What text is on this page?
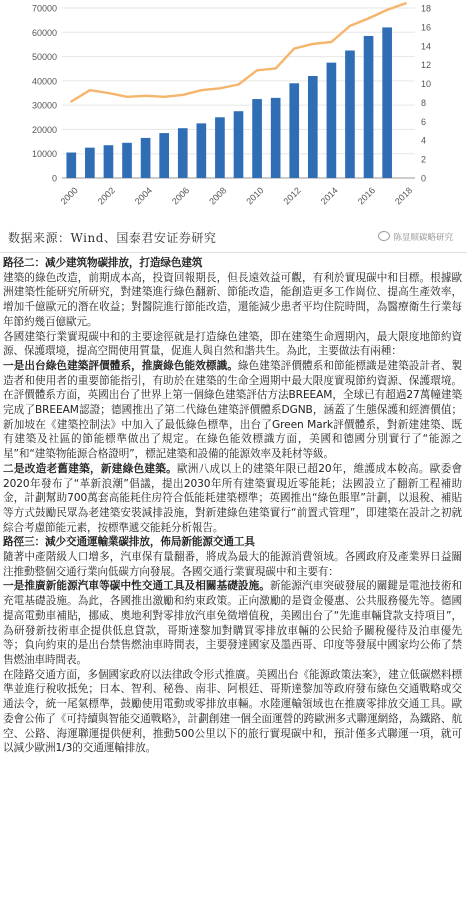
0
10000
20000
30000
40000
50000
60000
70000
0
2
4
6
8
10
12
14
16
18
2000 2002 2004 2006 2008 2010 2012 2014 2016 2018
数据来源：Wind、国泰君安证券研究	陈显顺碳略研究

路径二：减少建筑物碳排放，打造绿色建筑

建築的綠色改造，前期成本高，投資回報期長，但長遠效益可觀，有利於實現碳中和目標。根據歐洲建築性能研究所研究，對建築進行綠色翻新、節能改造，能創造更多工作崗位、提高生產效率，增加千億歐元的潛在收益；對醫院進行節能改造，還能減少患者平均住院時間，為醫療衛生行業每年節約幾百億歐元。

各國建築行業實現碳中和的主要途徑就是打造綠色建築，即在建築生命週期內，最大限度地節約資源、保護環境，提高空間使用質量，促進人與自然和諧共生。為此，主要做法有兩種：

一是出台綠色建築評價體系，推廣綠色能效標識。綠色建築評價體系和節能標識是建築設計者、製造者和使用者的重要節能指引，有助於在建築的生命全週期中最大限度實現節約資源、保護環境。在評價體系方面，英國出台了世界上第一個綠色建築評估方法BREEAM，全球已有超過27萬幢建築完成了BREEAM認證；德國推出了第二代綠色建築評價體系DGNB，涵蓋了生態保護和經濟價值；新加坡在《建築控制法》中加入了最低綠色標準，出台了Green Mark評價體系，對新建建築、既有建築及社區的節能標準做出了規定。在綠色能效標識方面，美國和德國分別實行了“能源之星”和“建築物能源合格證明”，標記建築和設備的能源效率及耗材等級。

二是改造老舊建築，新建綠色建築。歐洲八成以上的建築年限已超20年，維護成本較高。歐委會2020年發布了“革新浪潮”倡議，提出2030年所有建築實現近零能耗；法國設立了翻新工程補助金，計劃幫助700萬套高能耗住房符合低能耗建築標準；英國推出“綠色賬單”計劃，以退稅、補貼等方式鼓勵民眾為老建築安裝減排設施，對新建綠色建築實行“前置式管理”，即建築在設計之初就綜合考慮節能元素，按標準遞交能耗分析報告。

路徑三：減少交通運輸業碳排放，佈局新能源交通工具

隨著中產階級人口增多，汽車保有量翻番，將成為最大的能源消費領域。各國政府及產業界日益關注推動整個交通行業向低碳方向發展。各國交通行業實現碳中和主要有：

一是推廣新能源汽車等碳中性交通工具及相關基礎設施。新能源汽車突破發展的關鍵是電池技術和充電基礎設施。為此，各國推出激勵和約束政策。正向激勵的是資金優惠、公共服務優先等。德國提高電動車補貼，挪威、奧地利對零排放汽車免徵增值稅，美國出台了“先進車輛貸款支持項目”，為研發新技術車企提供低息貸款，哥斯達黎加對購買零排放車輛的公民給予關稅優待及泊車優先等；負向約束的是出台禁售燃油車時間表，主要發達國家及墨西哥、印度等發展中國家均公佈了禁售燃油車時間表。

在陸路交通方面，多個國家政府以法律政令形式推廣。美國出台《能源政策法案》，建立低碳燃料標準並進行稅收抵免；日本、智利、秘魯、南非、阿根廷、哥斯達黎加等政府發布綠色交通戰略或交通法令，統一尾氣標準，鼓勵使用電動或零排放車輛。水陸運輸領域也在推廣零排放交通工具。歐委會公佈了《可持續與智能交通戰略》，計劃創建一個全面運營的跨歐洲多式聯運網絡，為鐵路、航空、公路、海運聯運提供便利，推動500公里以下的旅行實現碳中和，預計僅多式聯運一項，就可以減少歐洲1/3的交通運輸排放。
